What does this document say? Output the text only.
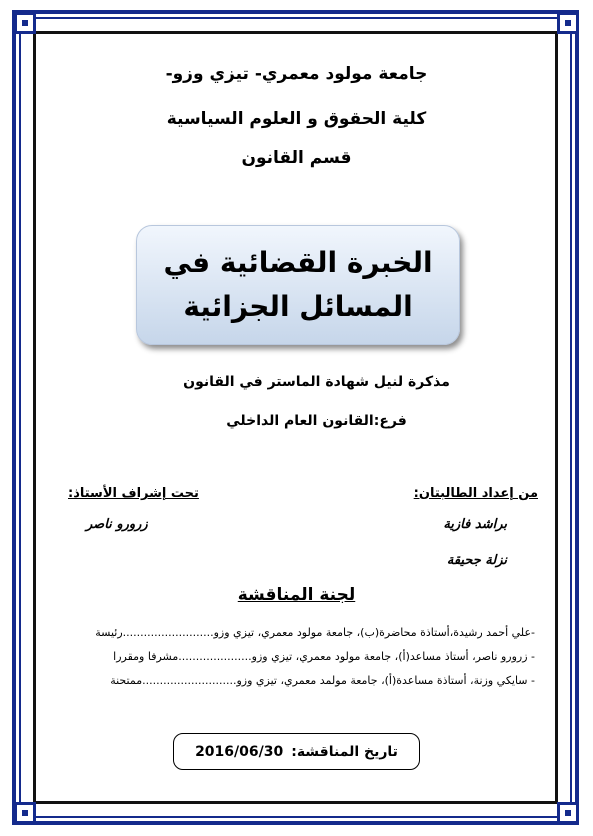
جامعة مولود معمري- تيزي وزو-
كلية الحقوق و العلوم السياسية
قسم القانون
الخبرة القضائية في
المسائل الجزائية
مذكرة لنيل شهادة الماستر في القانون
فرع:القانون العام الداخلي
من إعداد الطالبتان:
براشد فازية
نزلة جحيقة
تحت إشراف الأستاذ:
زرورو ناصر
لجنة المناقشة
-علي أحمد رشيدة،أستاذة محاضرة(ب)، جامعة مولود معمري، تيزي وزو..........................رئيسة
- زرورو ناصر، أستاذ مساعد(أ)، جامعة مولود معمري، تيزي وزو.....................مشرفا ومقررا
- سايكي وزنة، أستاذة مساعدة(أ)، جامعة مولمد معمري، تيزي وزو...........................ممتحنة
تاريخ المناقشة:
2016/06/30
